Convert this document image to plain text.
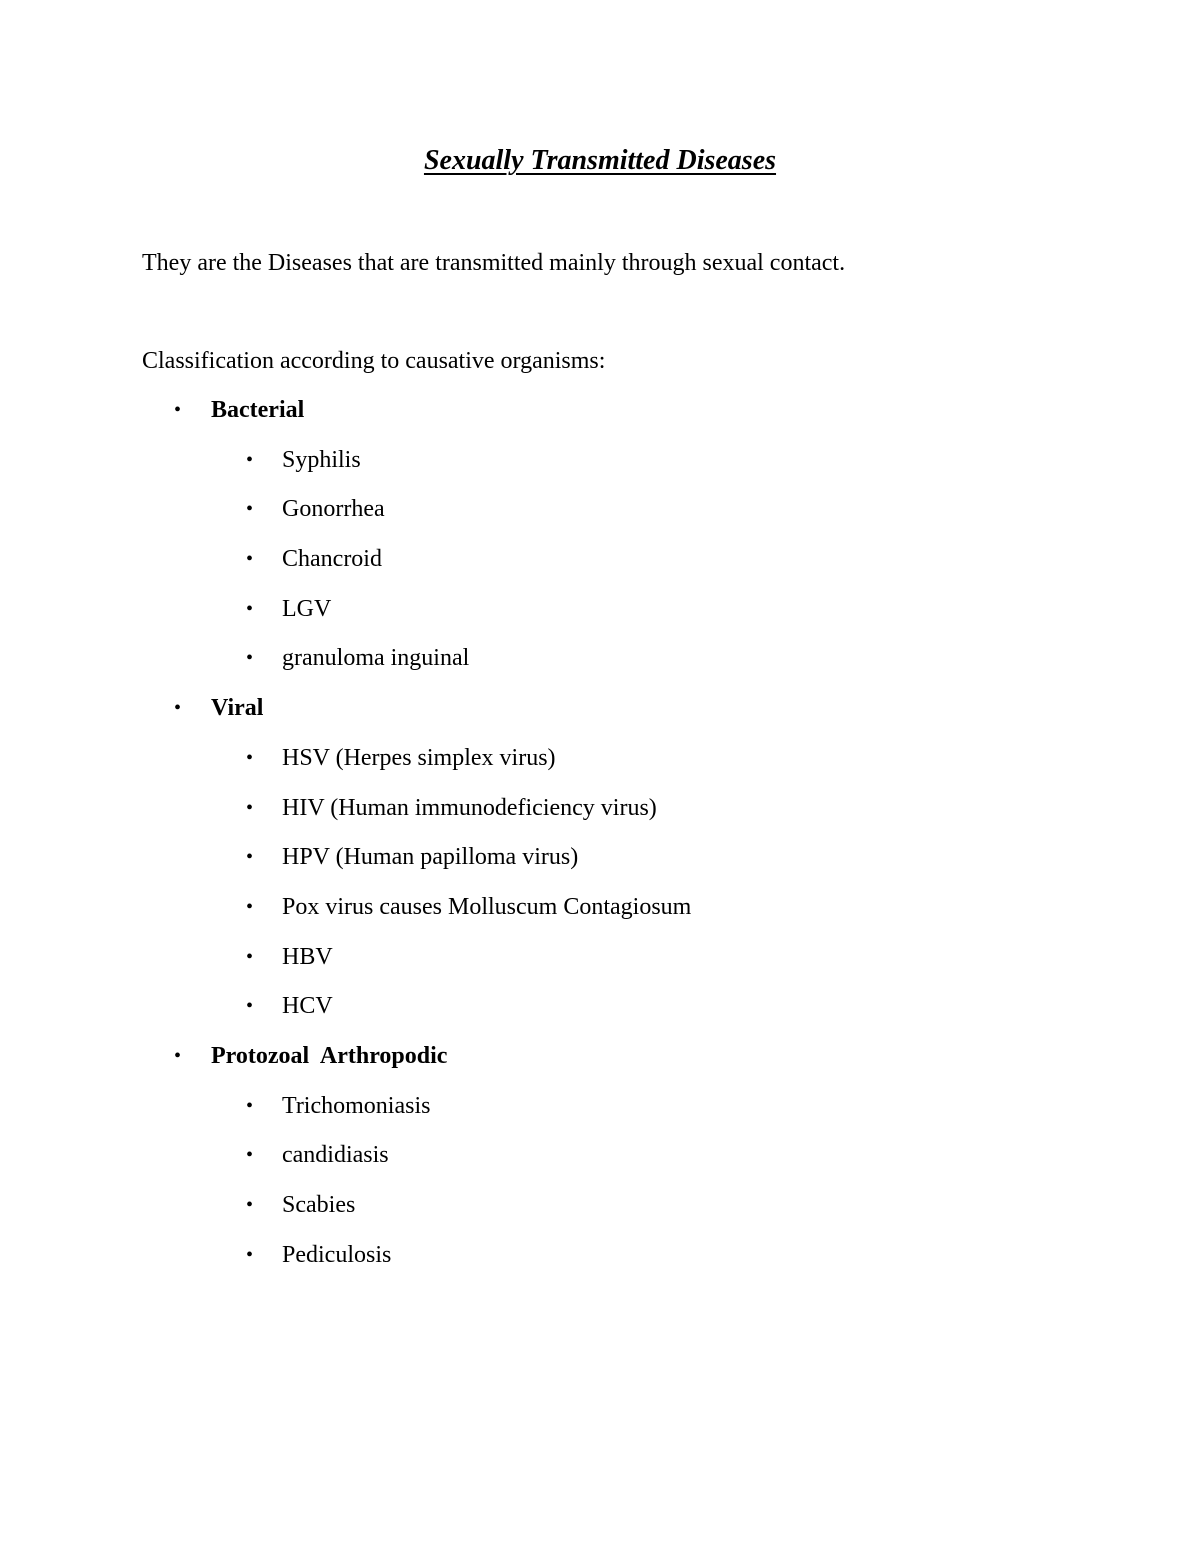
Sexually Transmitted Diseases

They are the Diseases that are transmitted mainly through sexual contact.

Classification according to causative organisms:

• Bacterial
• Syphilis
• Gonorrhea
• Chancroid
• LGV
• granuloma inguinal
• Viral
• HSV (Herpes simplex virus)
• HIV (Human immunodeficiency virus)
• HPV (Human papilloma virus)
• Pox virus causes Molluscum Contagiosum
• HBV
• HCV
• Protozoal  Arthropodic
• Trichomoniasis
• candidiasis
• Scabies
• Pediculosis
